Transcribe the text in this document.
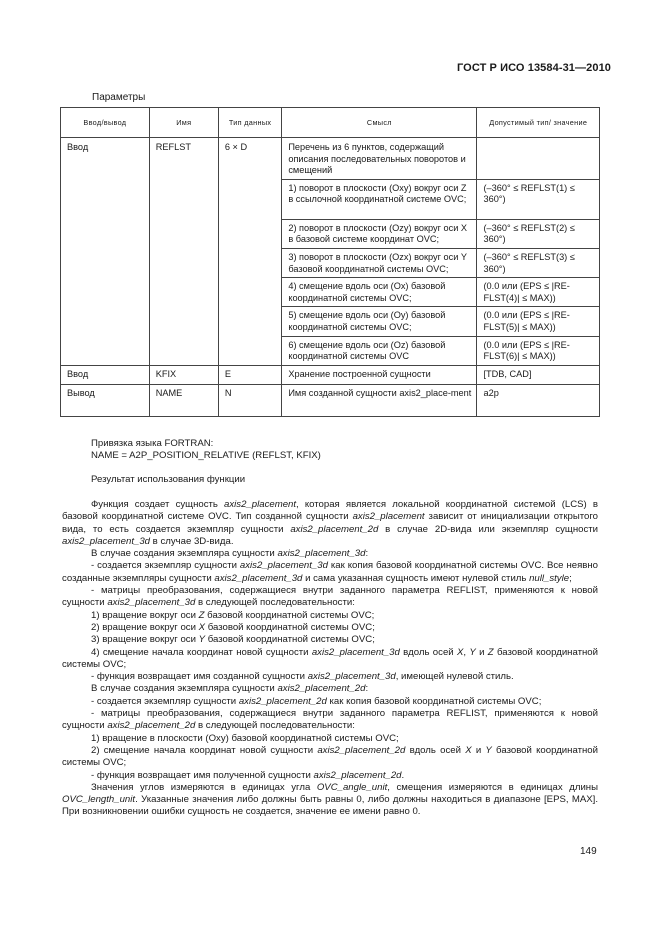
ГОСТ Р ИСО 13584-31—2010
Параметры
Ввод/вывод	Имя	Тип данных	Смысл	Допустимый тип/ значение
Ввод	REFLST	6 × D	Перечень из 6 пунктов, содержащий описания последовательных поворотов и смещений	
			1) поворот в плоскости (Oxy) вокруг оси Z в ссылочной координатной системе OVC;	(–360° ≤ REFLST(1) ≤ 360°)
			2) поворот в плоскости (Ozy) вокруг оси X в базовой системе координат OVC;	(–360° ≤ REFLST(2) ≤ 360°)
			3) поворот в плоскости (Ozx) вокруг оси Y базовой координатной системы OVC;	(–360° ≤ REFLST(3) ≤ 360°)
			4) смещение вдоль оси (Ox) базовой координатной системы OVC;	(0.0 или (EPS ≤ |RE-FLST(4)| ≤ MAX))
			5) смещение вдоль оси (Oy) базовой координатной системы OVC;	(0.0 или (EPS ≤ |RE-FLST(5)| ≤ MAX))
			6) смещение вдоль оси (Oz) базовой координатной системы OVC	(0.0 или (EPS ≤ |RE-FLST(6)| ≤ MAX))
Ввод	KFIX	E	Хранение построенной сущности	[TDB, CAD]
Вывод	NAME	N	Имя созданной сущности axis2_place-ment	a2p
Привязка языка FORTRAN:
NAME = A2P_POSITION_RELATIVE (REFLST, KFIX)
Результат использования функции

Функция создает сущность axis2_placement, которая является локальной координатной системой (LCS) в базовой координатной системе OVC. Тип созданной сущности axis2_placement зависит от инициализации открытого вида, то есть создается экземпляр сущности axis2_placement_2d в случае 2D-вида или экземпляр сущности axis2_placement_3d в случае 3D-вида.

В случае создания экземпляра сущности axis2_placement_3d:

- создается экземпляр сущности axis2_placement_3d как копия базовой координатной системы OVC. Все неявно созданные экземпляры сущности axis2_placement_3d и сама указанная сущность имеют нулевой стиль null_style;

- матрицы преобразования, содержащиеся внутри заданного параметра REFLIST, применяются к новой сущности axis2_placement_3d в следующей последовательности:

1) вращение вокруг оси Z базовой координатной системы OVC;

2) вращение вокруг оси X базовой координатной системы OVC;

3) вращение вокруг оси Y базовой координатной системы OVC;

4) смещение начала координат новой сущности axis2_placement_3d вдоль осей X, Y и Z базовой координатной системы OVC;

- функция возвращает имя созданной сущности axis2_placement_3d, имеющей нулевой стиль.

В случае создания экземпляра сущности axis2_placement_2d:

- создается экземпляр сущности axis2_placement_2d как копия базовой координатной системы OVC;

- матрицы преобразования, содержащиеся внутри заданного параметра REFLIST, применяются к новой сущности axis2_placement_2d в следующей последовательности:

1) вращение в плоскости (Oxy) базовой координатной системы OVC;

2) смещение начала координат новой сущности axis2_placement_2d вдоль осей X и Y базовой координатной системы OVC;

- функция возвращает имя полученной сущности axis2_placement_2d.

Значения углов измеряются в единицах угла OVC_angle_unit, смещения измеряются в единицах длины OVC_length_unit. Указанные значения либо должны быть равны 0, либо должны находиться в диапазоне [EPS, MAX]. При возникновении ошибки сущность не создается, значение ее имени равно 0.

149
